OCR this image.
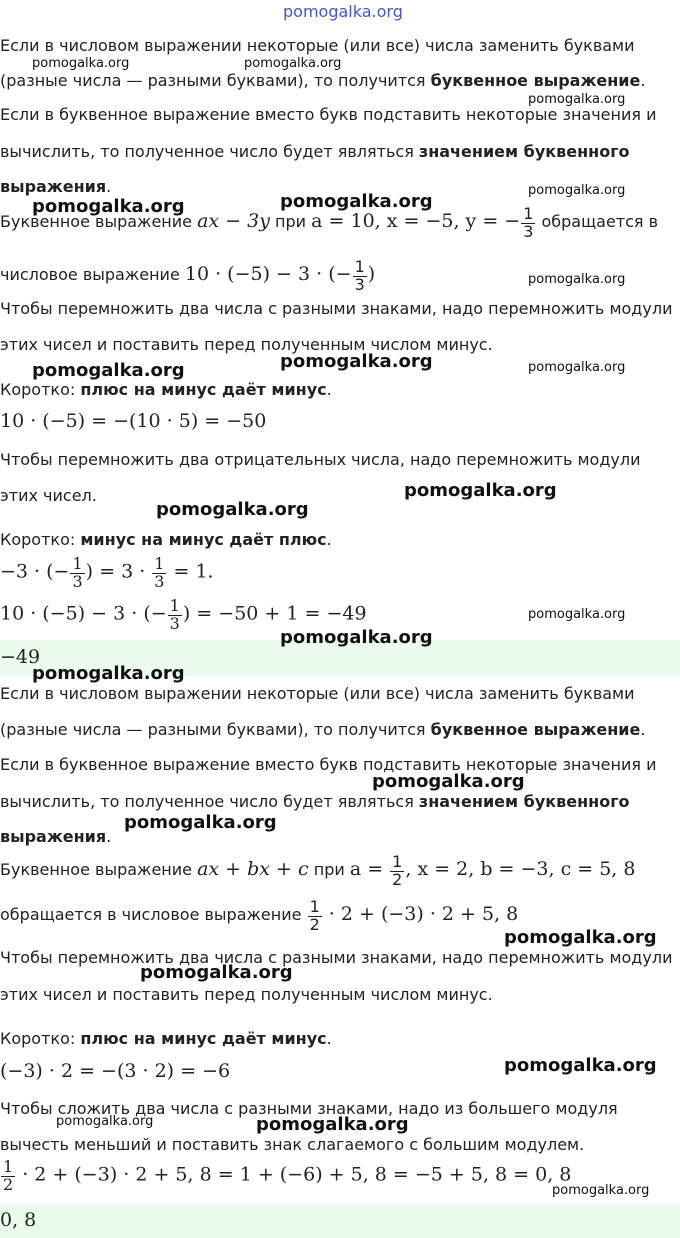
pomogalka.org
Если в числовом выражении некоторые (или все) числа заменить буквами
(разные числа — разными буквами), то получится буквенное выражение.
Если в буквенное выражение вместо букв подставить некоторые значения и
вычислить, то полученное число будет являться значением буквенного
выражения.
Буквенное выражение ax − 3y при a = 10, x = −5, y = − $\frac{1}{3}$ обращается в
числовое выражение 10 · (−5) − 3 · (− $\frac{1}{3}$ )
Чтобы перемножить два числа с разными знаками, надо перемножить модули
этих чисел и поставить перед полученным числом минус.
Коротко: плюс на минус даёт минус.
10 · (−5) = −(10 · 5) = −50
Чтобы перемножить два отрицательных числа, надо перемножить модули
этих чисел.
Коротко: минус на минус даёт плюс.
−3 · (− $\frac{1}{3}$ ) = $3 \cdot \frac{1}{3} = 1$.
10 · (−5) − 3 · (− $\frac{1}{3}$ ) = −50 + 1 = −49
−49
Если в числовом выражении некоторые (или все) числа заменить буквами
(разные числа — разными буквами), то получится буквенное выражение.
Если в буквенное выражение вместо букв подставить некоторые значения и
вычислить, то полученное число будет являться значением буквенного
выражения.
Буквенное выражение ax + bx + c при $a = \frac{1}{2}$ , x = 2, b = −3, c = 5, 8
обращается в числовое выражение $\frac{1}{2} \cdot 2 + (-3) \cdot 2 + 5$, 8
Чтобы перемножить два числа с разными знаками, надо перемножить модули
этих чисел и поставить перед полученным числом минус.
Коротко: плюс на минус даёт минус.
(−3) · 2 = −(3 · 2) = −6
Чтобы сложить два числа с разными знаками, надо из большего модуля
вычесть меньший и поставить знак слагаемого с большим модулем.
$\frac{1}{2} \cdot 2 + (-3) \cdot 2 + 5$, 8 = 1 + (−6) + 5, 8 = −5 + 5, 8 = 0, 8
0, 8
pomogalka.org	pomogalka.org
pomogalka.org
pomogalka.org
pomogalka.org	pomogalka.org
pomogalka.org
pomogalka.org	pomogalka.org	pomogalka.org
pomogalka.org
pomogalka.org
pomogalka.org
pomogalka.org
pomogalka.org
pomogalka.org
pomogalka.org
pomogalka.org
pomogalka.org
pomogalka.org
pomogalka.org	pomogalka.org
pomogalka.org
